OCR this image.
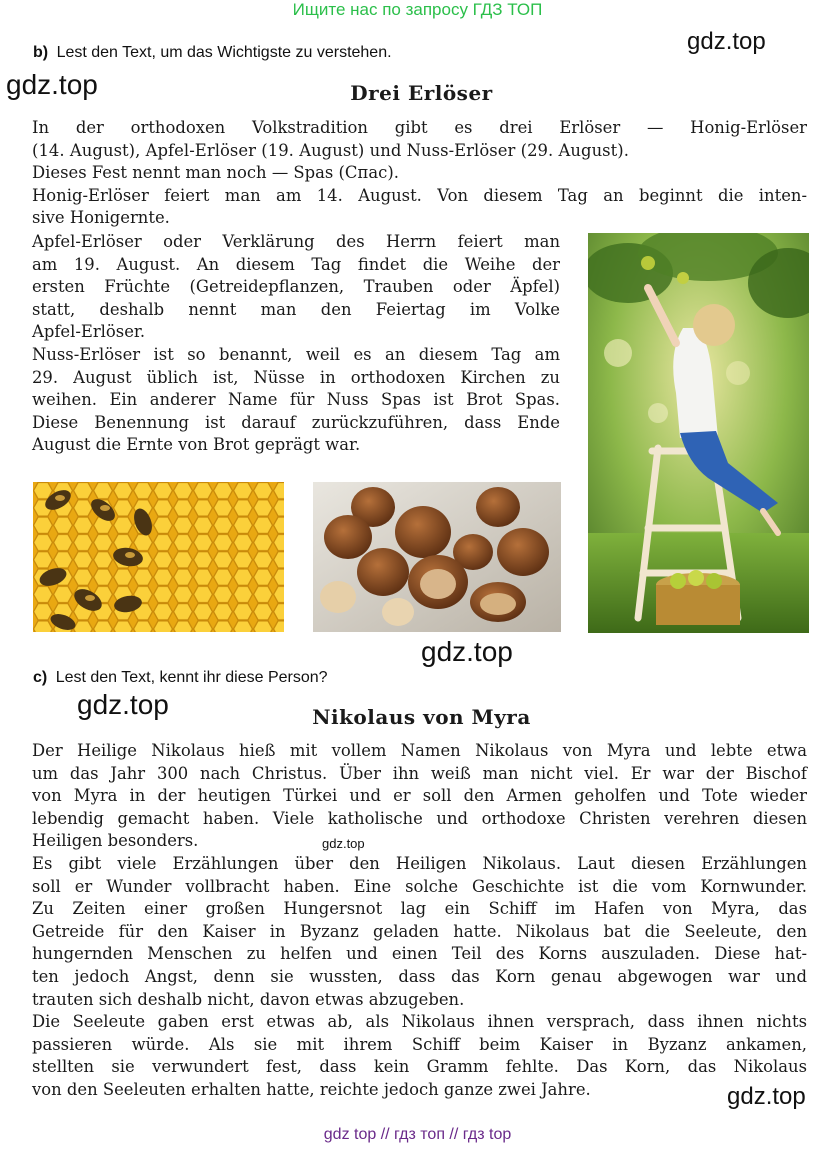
Ищите нас по запросу ГДЗ ТОП
gdz.top
gdz.top
b) Lest den Text, um das Wichtigste zu verstehen.
Drei Erlöser
In der orthodoxen Volkstradition gibt es drei Erlöser — Honig-Erlöser
(14. August), Apfel-Erlöser (19. August) und Nuss-Erlöser (29. August).
Dieses Fest nennt man noch — Spas (Спас).
Honig-Erlöser feiert man am 14. August. Von diesem Tag an beginnt die inten-
sive Honigernte.
Apfel-Erlöser oder Verklärung des Herrn feiert man
am 19. August. An diesem Tag findet die Weihe der
ersten Früchte (Getreidepflanzen, Trauben oder Äpfel)
statt, deshalb nennt man den Feiertag im Volke
Apfel-Erlöser.
Nuss-Erlöser ist so benannt, weil es an diesem Tag am
29. August üblich ist, Nüsse in orthodoxen Kirchen zu
weihen. Ein anderer Name für Nuss Spas ist Brot Spas.
Diese Benennung ist darauf zurückzuführen, dass Ende
August die Ernte von Brot geprägt war.
gdz.top
c) Lest den Text, kennt ihr diese Person?
gdz.top	Nikolaus von Myra
Der Heilige Nikolaus hieß mit vollem Namen Nikolaus von Myra und lebte etwa
um das Jahr 300 nach Christus. Über ihn weiß man nicht viel. Er war der Bischof
von Myra in der heutigen Türkei und er soll den Armen geholfen und Tote wieder
lebendig gemacht haben. Viele katholische und orthodoxe Christen verehren diesen
Heiligen besonders.
Es gibt viele Erzählungen über den Heiligen Nikolaus. Laut diesen Erzählungen
soll er Wunder vollbracht haben. Eine solche Geschichte ist die vom Kornwunder.
Zu Zeiten einer großen Hungersnot lag ein Schiff im Hafen von Myra, das
Getreide für den Kaiser in Byzanz geladen hatte. Nikolaus bat die Seeleute, den
hungernden Menschen zu helfen und einen Teil des Korns auszuladen. Diese hat-
ten jedoch Angst, denn sie wussten, dass das Korn genau abgewogen war und
trauten sich deshalb nicht, davon etwas abzugeben.
Die Seeleute gaben erst etwas ab, als Nikolaus ihnen versprach, dass ihnen nichts
passieren würde. Als sie mit ihrem Schiff beim Kaiser in Byzanz ankamen,
stellten sie verwundert fest, dass kein Gramm fehlte. Das Korn, das Nikolaus
von den Seeleuten erhalten hatte, reichte jedoch ganze zwei Jahre.
gdz.top
gdz.top
gdz top // гдз топ // гдз top
